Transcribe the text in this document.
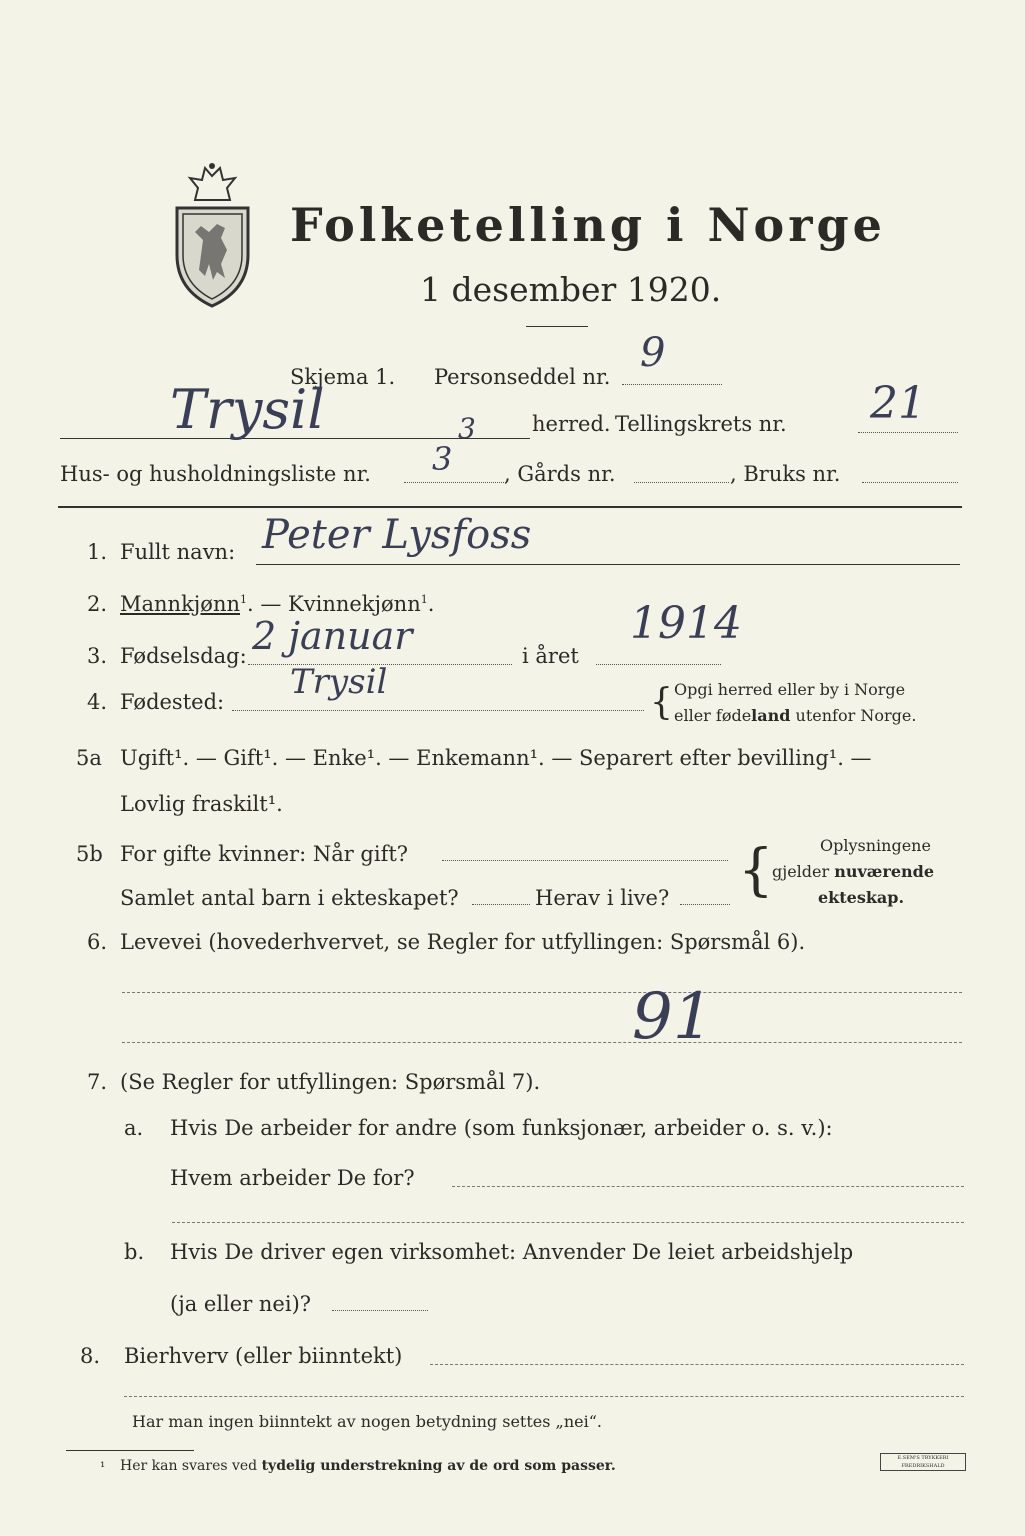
Folketelling i Norge
1 desember 1920.
Skjema 1. Personseddel nr.
9
Trysil	3	herred. Tellingskrets nr. 21
Hus- og husholdningsliste nr. 3 , Gårds nr.	, Bruks nr.
1. Fullt navn: Peter Lysfoss
2. Mannkjønn$^1$. — Kvinnekjønn$^1$.
3. Fødselsdag: 2 januar	i året
1914
4. Fødested: Trysil	{ Opgi herred eller by i Norge
eller fødeland utenfor Norge.
5a Ugift¹. — Gift¹. — Enke¹. — Enkemann¹. — Separert efter bevilling¹. —
Lovlig fraskilt¹.
5b For gifte kvinner: Når gift?
Samlet antal barn i ekteskapet?	Herav i live? {	Oplysningene
gjelder nuværende
ekteskap.
6. Levevei (hovederhvervet, se Regler for utfyllingen: Spørsmål 6).
91
7. (Se Regler for utfyllingen: Spørsmål 7).
a. Hvis De arbeider for andre (som funksjonær, arbeider o. s. v.):
Hvem arbeider De for?
b. Hvis De driver egen virksomhet: Anvender De leiet arbeidshjelp
(ja eller nei)?
8. Bierhverv (eller biinntekt)
Har man ingen biinntekt av nogen betydning settes „nei“.
¹ Her kan svares ved tydelig understrekning av de ord som passer.	E.SEM'S TRYKKERI FREDRIKSHALD
